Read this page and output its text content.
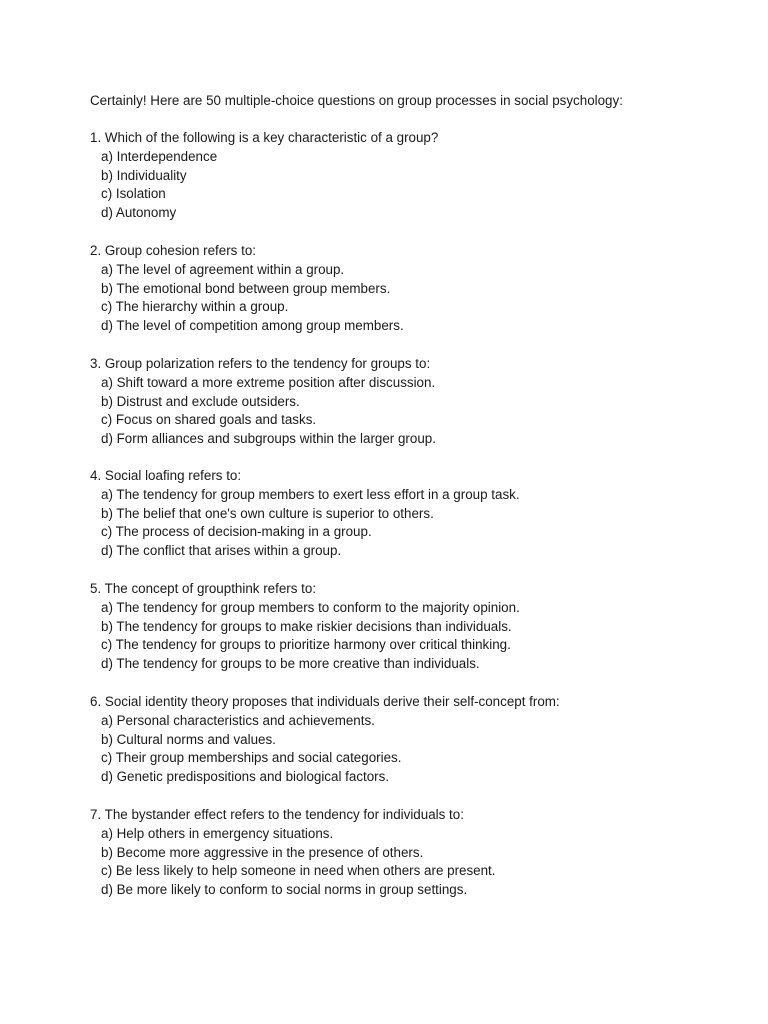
Certainly! Here are 50 multiple-choice questions on group processes in social psychology:
1. Which of the following is a key characteristic of a group?
a) Interdependence
b) Individuality
c) Isolation
d) Autonomy
2. Group cohesion refers to:
a) The level of agreement within a group.
b) The emotional bond between group members.
c) The hierarchy within a group.
d) The level of competition among group members.
3. Group polarization refers to the tendency for groups to:
a) Shift toward a more extreme position after discussion.
b) Distrust and exclude outsiders.
c) Focus on shared goals and tasks.
d) Form alliances and subgroups within the larger group.
4. Social loafing refers to:
a) The tendency for group members to exert less effort in a group task.
b) The belief that one's own culture is superior to others.
c) The process of decision-making in a group.
d) The conflict that arises within a group.
5. The concept of groupthink refers to:
a) The tendency for group members to conform to the majority opinion.
b) The tendency for groups to make riskier decisions than individuals.
c) The tendency for groups to prioritize harmony over critical thinking.
d) The tendency for groups to be more creative than individuals.
6. Social identity theory proposes that individuals derive their self-concept from:
a) Personal characteristics and achievements.
b) Cultural norms and values.
c) Their group memberships and social categories.
d) Genetic predispositions and biological factors.
7. The bystander effect refers to the tendency for individuals to:
a) Help others in emergency situations.
b) Become more aggressive in the presence of others.
c) Be less likely to help someone in need when others are present.
d) Be more likely to conform to social norms in group settings.
